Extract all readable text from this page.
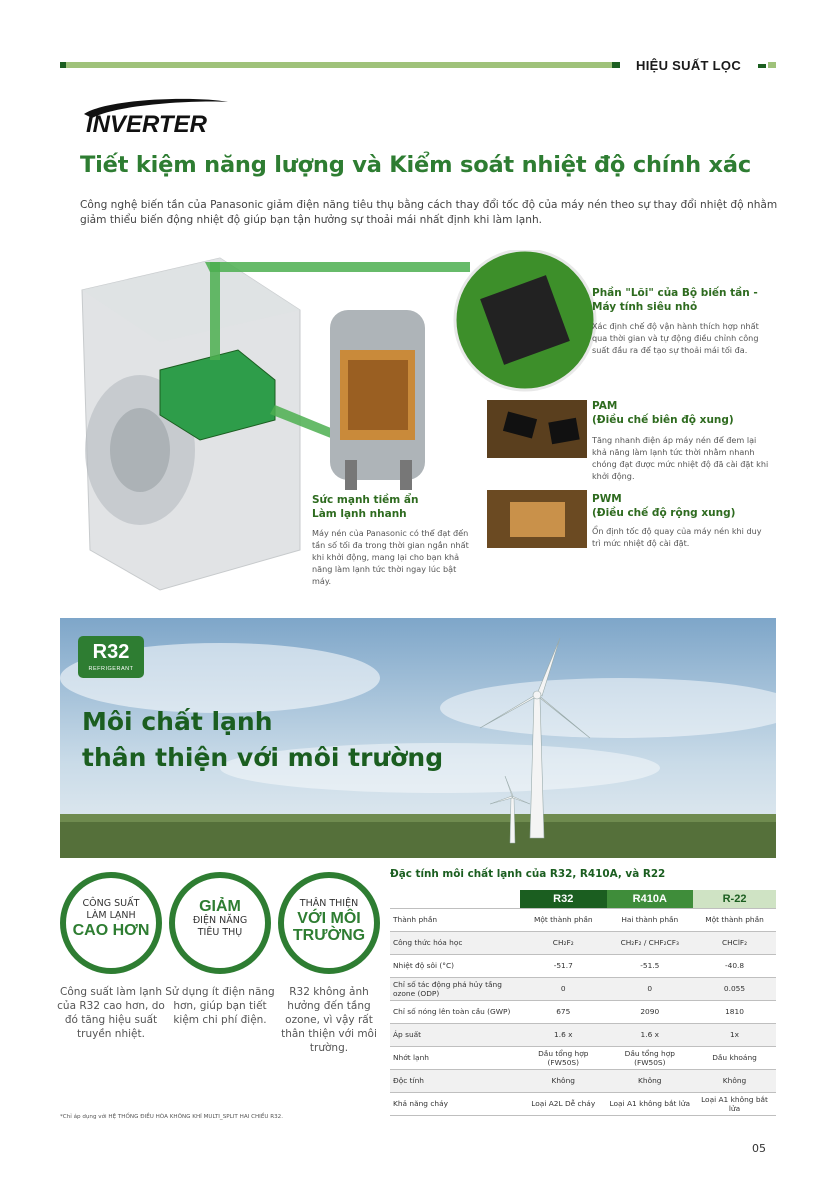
HIỆU SUẤT LỌC
INVERTER
Tiết kiệm năng lượng và Kiểm soát nhiệt độ chính xác
Công nghệ biến tần của Panasonic giảm điện năng tiêu thụ bằng cách thay đổi tốc độ của máy nén theo sự thay đổi nhiệt độ nhằm giảm thiểu biến động nhiệt độ giúp bạn tận hưởng sự thoải mái nhất định khi làm lạnh.
Phần "Lõi" của Bộ biến tần -
Máy tính siêu nhỏ
Xác định chế độ vận hành thích hợp nhất qua thời gian và tự động điều chỉnh công suất đầu ra để tạo sự thoải mái tối đa.
PAM
(Điều chế biên độ xung)
Tăng nhanh điện áp máy nén để đem lại khả năng làm lạnh tức thời nhằm nhanh chóng đạt được mức nhiệt độ đã cài đặt khi khởi động.
PWM
(Điều chế độ rộng xung)
Ổn định tốc độ quay của máy nén khi duy trì mức nhiệt độ cài đặt.
Sức mạnh tiềm ẩn
Làm lạnh nhanh
Máy nén của Panasonic có thể đạt đến tần số tối đa trong thời gian ngắn nhất khi khởi động, mang lại cho bạn khả năng làm lạnh tức thời ngay lúc bật máy.
R32
REFRIGERANT
Môi chất lạnh
thân thiện với môi trường
CÔNG SUẤT
LÀM LẠNH
CAO HƠN
Công suất làm lạnh của R32 cao hơn, do đó tăng hiệu suất truyền nhiệt.
GIẢM
ĐIỆN NĂNG
TIÊU THỤ
Sử dụng ít điện năng hơn, giúp bạn tiết kiệm chi phí điện.
THÂN THIỆN
VỚI MÔI
TRƯỜNG
R32 không ảnh hưởng đến tầng ozone, vì vậy rất thân thiện với môi trường.
Đặc tính môi chất lạnh của R32, R410A, và R22
	R32	R410A	R-22
Thành phần	Một thành phần	Hai thành phần	Một thành phần
Công thức hóa học	CH₂F₂	CH₂F₂ / CHF₂CF₃	CHClF₂
Nhiệt độ sôi (°C)	-51.7	-51.5	-40.8
Chỉ số tác động phá hủy tầng ozone (ODP)	0	0	0.055
Chỉ số nóng lên toàn cầu (GWP)	675	2090	1810
Áp suất	1.6 x	1.6 x	1x
Nhớt lạnh	Dầu tổng hợp (FW50S)	Dầu tổng hợp (FW50S)	Dầu khoáng
Độc tính	Không	Không	Không
Khả năng cháy	Loại A2L Dễ cháy	Loại A1 không bắt lửa	Loại A1 không bắt lửa
*Chỉ áp dụng với HỆ THỐNG ĐIỀU HÒA KHÔNG KHÍ MULTI_SPLIT HAI CHIỀU R32.
05
